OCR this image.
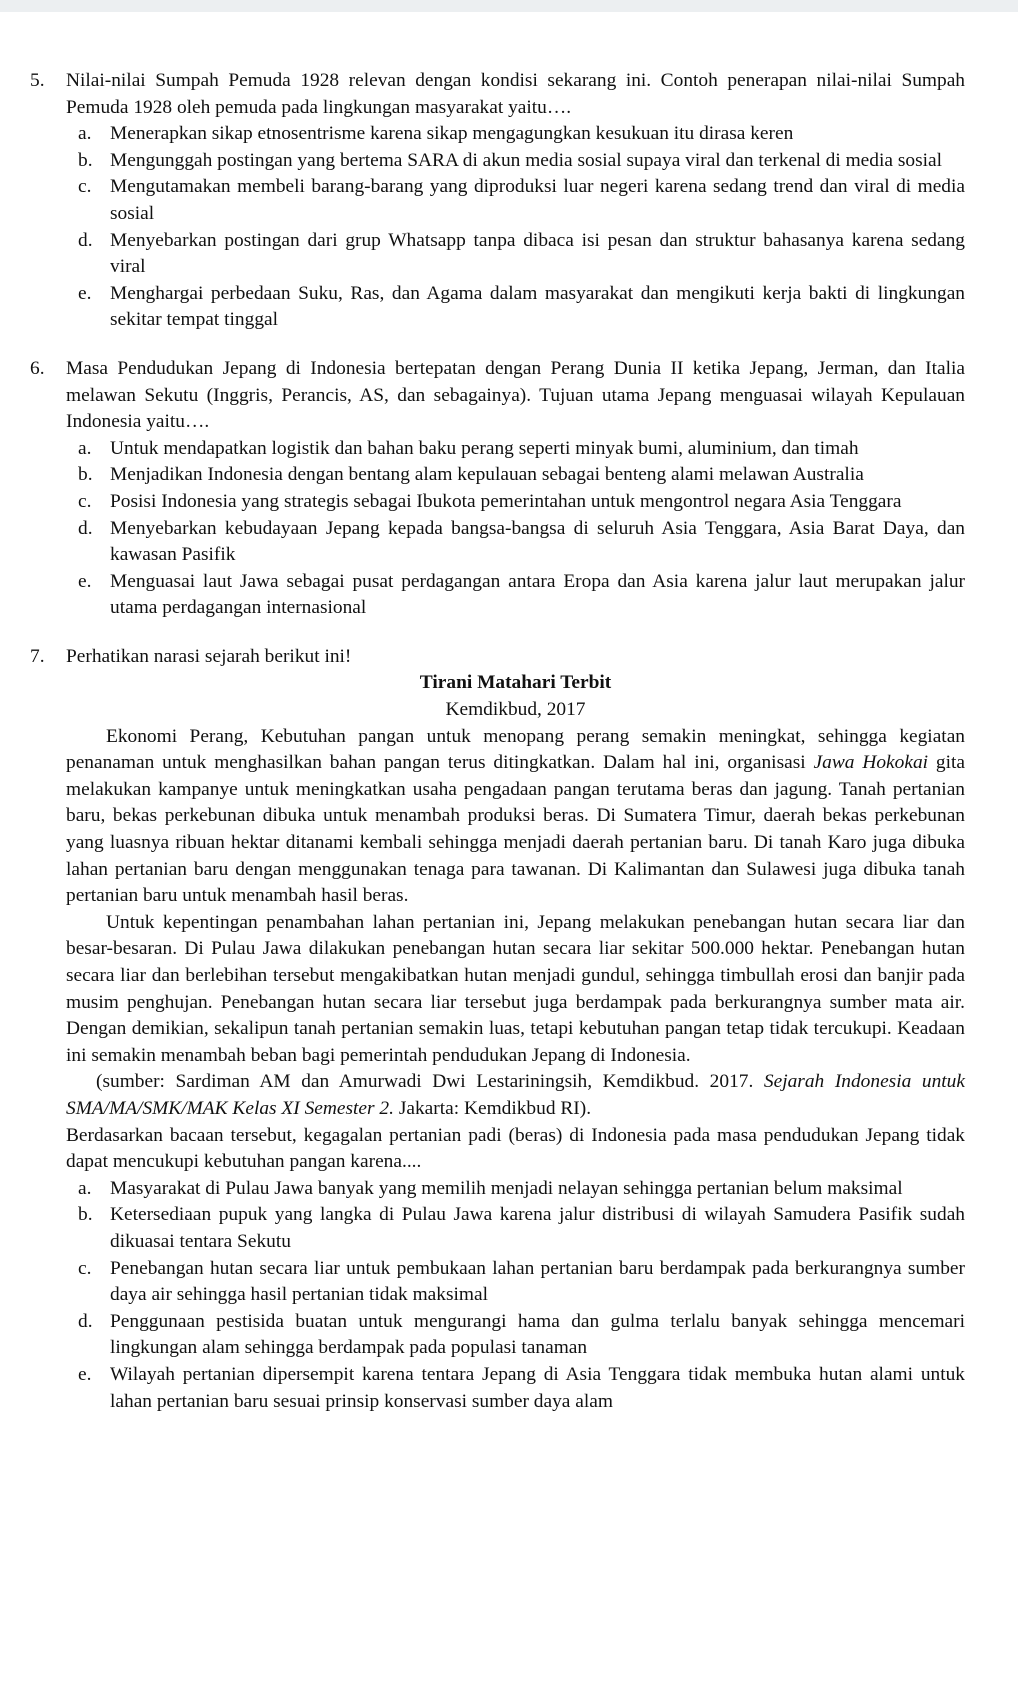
5. Nilai-nilai Sumpah Pemuda 1928 relevan dengan kondisi sekarang ini. Contoh penerapan nilai-nilai Sumpah Pemuda 1928 oleh pemuda pada lingkungan masyarakat yaitu….

a. Menerapkan sikap etnosentrisme karena sikap mengagungkan kesukuan itu dirasa keren
b. Mengunggah postingan yang bertema SARA di akun media sosial supaya viral dan terkenal di media sosial
c. Mengutamakan membeli barang-barang yang diproduksi luar negeri karena sedang trend dan viral di media sosial
d. Menyebarkan postingan dari grup Whatsapp tanpa dibaca isi pesan dan struktur bahasanya karena sedang viral
e. Menghargai perbedaan Suku, Ras, dan Agama dalam masyarakat dan mengikuti kerja bakti di lingkungan sekitar tempat tinggal
6. Masa Pendudukan Jepang di Indonesia bertepatan dengan Perang Dunia II ketika Jepang, Jerman, dan Italia melawan Sekutu (Inggris, Perancis, AS, dan sebagainya). Tujuan utama Jepang menguasai wilayah Kepulauan Indonesia yaitu….

a. Untuk mendapatkan logistik dan bahan baku perang seperti minyak bumi, aluminium, dan timah
b. Menjadikan Indonesia dengan bentang alam kepulauan sebagai benteng alami melawan Australia
c. Posisi Indonesia yang strategis sebagai Ibukota pemerintahan untuk mengontrol negara Asia Tenggara
d. Menyebarkan kebudayaan Jepang kepada bangsa-bangsa di seluruh Asia Tenggara, Asia Barat Daya, dan kawasan Pasifik
e. Menguasai laut Jawa sebagai pusat perdagangan antara Eropa dan Asia karena jalur laut merupakan jalur utama perdagangan internasional
7. Perhatikan narasi sejarah berikut ini!

Tirani Matahari Terbit

Kemdikbud, 2017

Ekonomi Perang, Kebutuhan pangan untuk menopang perang semakin meningkat, sehingga kegiatan penanaman untuk menghasilkan bahan pangan terus ditingkatkan. Dalam hal ini, organisasi Jawa Hokokai gita melakukan kampanye untuk meningkatkan usaha pengadaan pangan terutama beras dan jagung. Tanah pertanian baru, bekas perkebunan dibuka untuk menambah produksi beras. Di Sumatera Timur, daerah bekas perkebunan yang luasnya ribuan hektar ditanami kembali sehingga menjadi daerah pertanian baru. Di tanah Karo juga dibuka lahan pertanian baru dengan menggunakan tenaga para tawanan. Di Kalimantan dan Sulawesi juga dibuka tanah pertanian baru untuk menambah hasil beras.

Untuk kepentingan penambahan lahan pertanian ini, Jepang melakukan penebangan hutan secara liar dan besar-besaran. Di Pulau Jawa dilakukan penebangan hutan secara liar sekitar 500.000 hektar. Penebangan hutan secara liar dan berlebihan tersebut mengakibatkan hutan menjadi gundul, sehingga timbullah erosi dan banjir pada musim penghujan. Penebangan hutan secara liar tersebut juga berdampak pada berkurangnya sumber mata air. Dengan demikian, sekalipun tanah pertanian semakin luas, tetapi kebutuhan pangan tetap tidak tercukupi. Keadaan ini semakin menambah beban bagi pemerintah pendudukan Jepang di Indonesia.

(sumber: Sardiman AM dan Amurwadi Dwi Lestariningsih, Kemdikbud. 2017. Sejarah Indonesia untuk SMA/MA/SMK/MAK Kelas XI Semester 2. Jakarta: Kemdikbud RI).

Berdasarkan bacaan tersebut, kegagalan pertanian padi (beras) di Indonesia pada masa pendudukan Jepang tidak dapat mencukupi kebutuhan pangan karena....

a. Masyarakat di Pulau Jawa banyak yang memilih menjadi nelayan sehingga pertanian belum maksimal
b. Ketersediaan pupuk yang langka di Pulau Jawa karena jalur distribusi di wilayah Samudera Pasifik sudah dikuasai tentara Sekutu
c. Penebangan hutan secara liar untuk pembukaan lahan pertanian baru berdampak pada berkurangnya sumber daya air sehingga hasil pertanian tidak maksimal
d. Penggunaan pestisida buatan untuk mengurangi hama dan gulma terlalu banyak sehingga mencemari lingkungan alam sehingga berdampak pada populasi tanaman
e. Wilayah pertanian dipersempit karena tentara Jepang di Asia Tenggara tidak membuka hutan alami untuk lahan pertanian baru sesuai prinsip konservasi sumber daya alam
